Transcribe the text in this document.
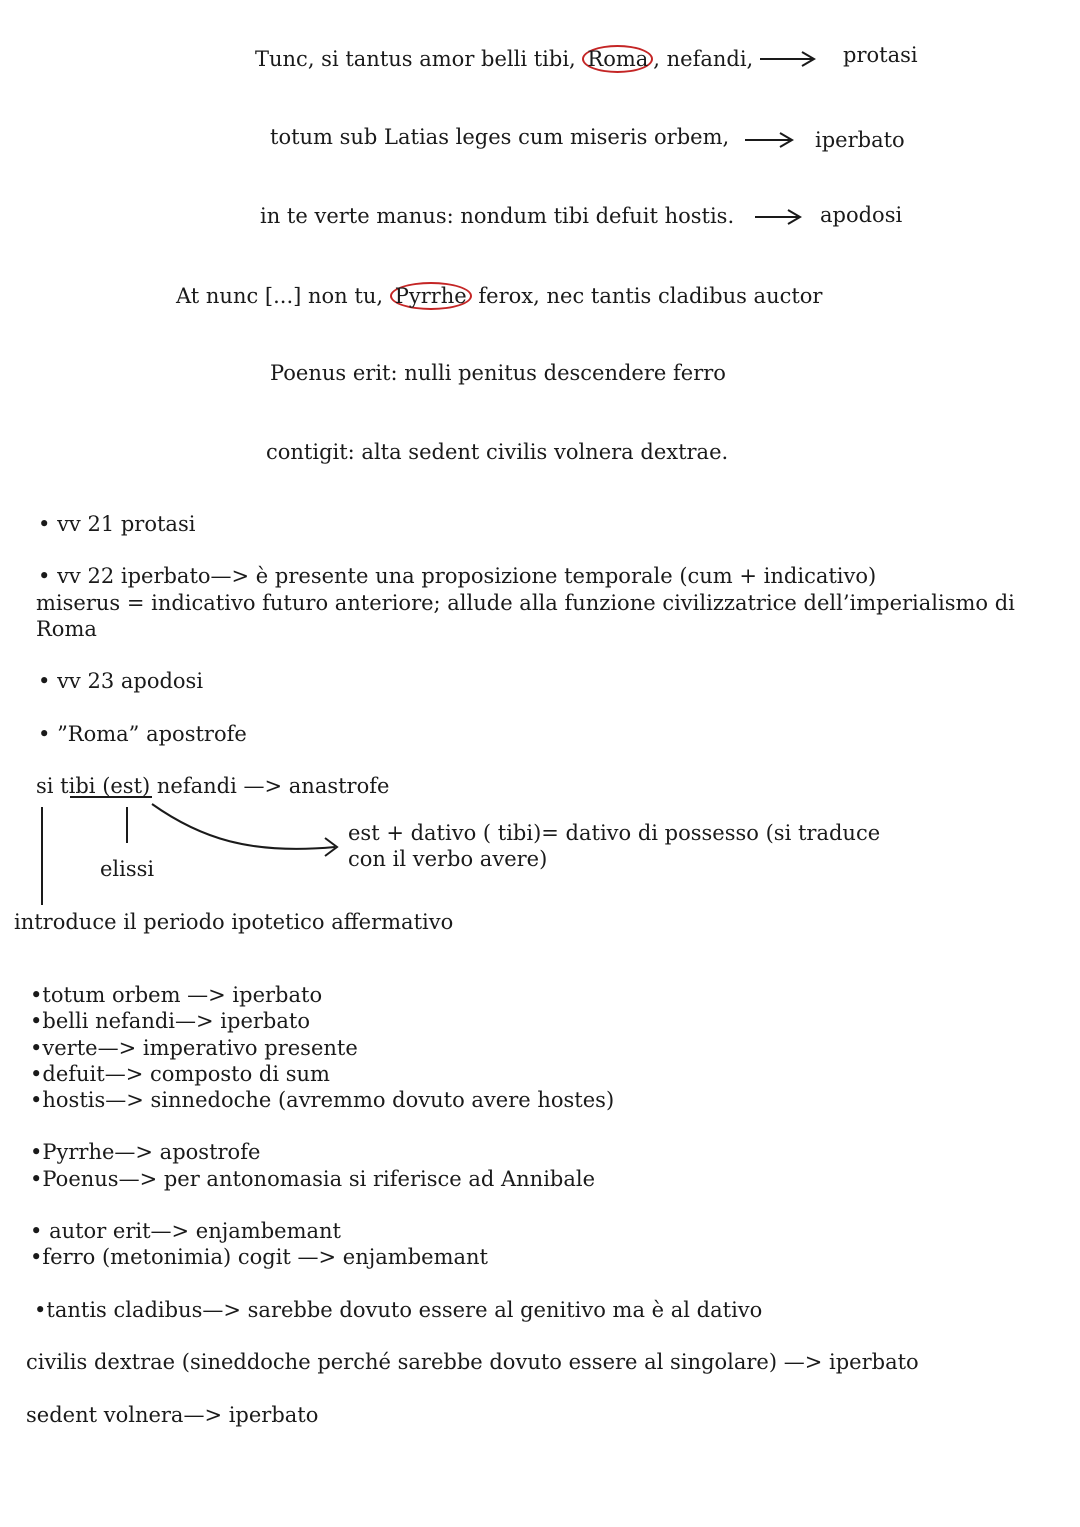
Tunc, si tantus amor belli tibi, Roma , nefandi,	protasi
totum sub Latias leges cum miseris orbem,	iperbato
in te verte manus: nondum tibi defuit hostis.	apodosi
At nunc [...] non tu, Pyrrhe ferox, nec tantis cladibus auctor
Poenus erit: nulli penitus descendere ferro
contigit: alta sedent civilis volnera dextrae.
• vv 21 protasi
• vv 22 iperbato—> è presente una proposizione temporale (cum + indicativo)
miserus = indicativo futuro anteriore; allude alla funzione civilizzatrice dell’imperialismo di
Roma
• vv 23 apodosi
• ”Roma” apostrofe
si tibi (est) nefandi —> anastrofe
est + dativo ( tibi)= dativo di possesso (si traduce
con il verbo avere)
elissi
introduce il periodo ipotetico affermativo
•totum orbem —> iperbato
•belli nefandi—> iperbato
•verte—> imperativo presente
•defuit—> composto di sum
•hostis—> sinnedoche (avremmo dovuto avere hostes)
•Pyrrhe—> apostrofe
•Poenus—> per antonomasia si riferisce ad Annibale
• autor erit—> enjambemant
•ferro (metonimia) cogit —> enjambemant
•tantis cladibus—> sarebbe dovuto essere al genitivo ma è al dativo
civilis dextrae (sineddoche perché sarebbe dovuto essere al singolare) —> iperbato
sedent volnera—> iperbato
